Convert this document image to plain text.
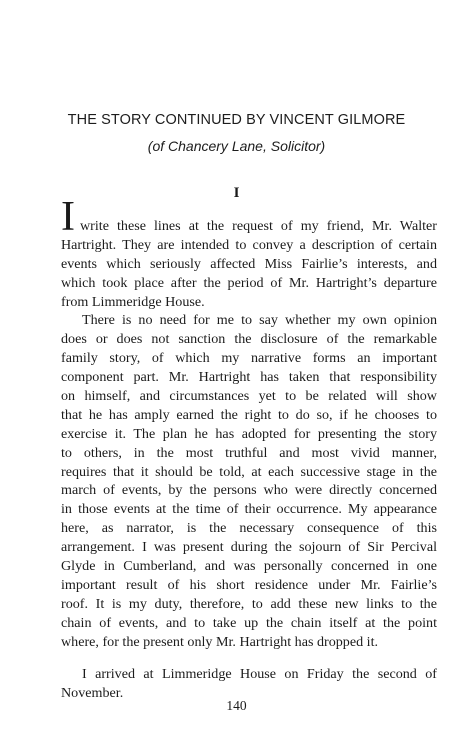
THE STORY CONTINUED BY VINCENT GILMORE
(of Chancery Lane, Solicitor)
I
I write these lines at the request of my friend, Mr. Walter
Hartright. They are intended to convey a description of certain
events which seriously affected Miss Fairlie’s interests, and
which took place after the period of Mr. Hartright’s departure
from Limmeridge House.
There is no need for me to say whether my own opinion
does or does not sanction the disclosure of the remarkable
family story, of which my narrative forms an important
component part. Mr. Hartright has taken that responsibility
on himself, and circumstances yet to be related will show
that he has amply earned the right to do so, if he chooses to
exercise it. The plan he has adopted for presenting the story
to others, in the most truthful and most vivid manner,
requires that it should be told, at each successive stage in the
march of events, by the persons who were directly concerned
in those events at the time of their occurrence. My appearance
here, as narrator, is the necessary consequence of this
arrangement. I was present during the sojourn of Sir Percival
Glyde in Cumberland, and was personally concerned in one
important result of his short residence under Mr. Fairlie’s
roof. It is my duty, therefore, to add these new links to the
chain of events, and to take up the chain itself at the point
where, for the present only Mr. Hartright has dropped it.
I arrived at Limmeridge House on Friday the second of
November.
140
